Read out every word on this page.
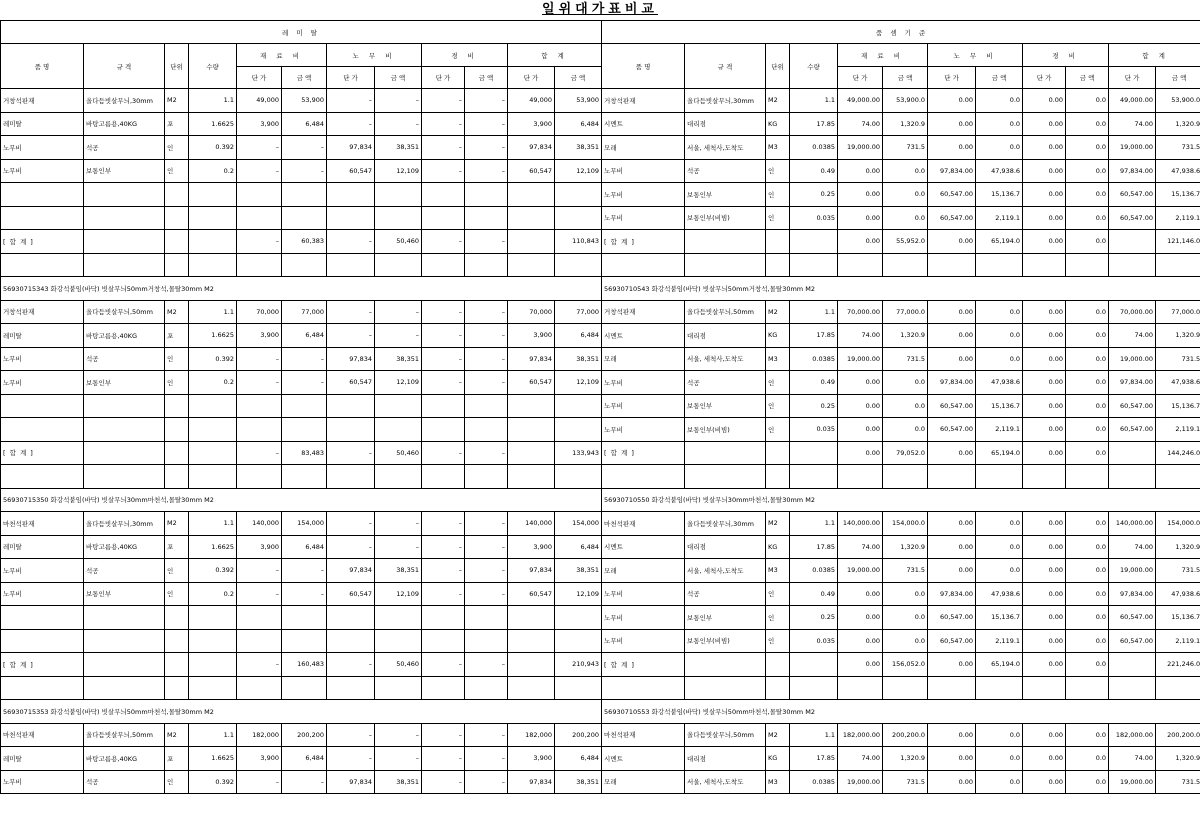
일위대가표비교
레 미 탈												품 셈 기 준											
품 명	규 격	단위	수량	재 료 비		노 무 비		경 비		합 계		품 명	규 격	단위	수량	재 료 비		노 무 비		경 비		합 계	
				단 가	금 액	단 가	금 액	단 가	금 액	단 가	금 액					단 가	금 액	단 가	금 액	단 가	금 액	단 가	금 액
거창석판재	올다듬빗살무늬,30mm	M2	1.1	49,000	53,900	–	–	–	–	49,000	53,900	거창석판재	올다듬빗살무늬,30mm	M2	1.1	49,000.00	53,900.0	0.00	0.0	0.00	0.0	49,000.00	53,900.0
레미탈	바탕고름용,40KG	포	1.6625	3,900	6,484	–	–	–	–	3,900	6,484	시멘트	대리점	KG	17.85	74.00	1,320.9	0.00	0.0	0.00	0.0	74.00	1,320.9
노무비	석공	인	0.392	–	–	97,834	38,351	–	–	97,834	38,351	모래	서울, 세척사,도착도	M3	0.0385	19,000.00	731.5	0.00	0.0	0.00	0.0	19,000.00	731.5
노무비	보통인부	인	0.2	–	–	60,547	12,109	–	–	60,547	12,109	노무비	석공	인	0.49	0.00	0.0	97,834.00	47,938.6	0.00	0.0	97,834.00	47,938.6
												노무비	보통인부	인	0.25	0.00	0.0	60,547.00	15,136.7	0.00	0.0	60,547.00	15,136.7
												노무비	보통인부(비빔)	인	0.035	0.00	0.0	60,547.00	2,119.1	0.00	0.0	60,547.00	2,119.1
[ 합 계 ]				–	60,383	–	50,460	–	–		110,843	[ 합 계 ]				0.00	55,952.0	0.00	65,194.0	0.00	0.0		121,146.0

56930715343 화강석붙임(바닥) 빗살무늬50mm거창석,몰탈30mm M2												56930710543 화강석붙임(바닥) 빗살무늬50mm거창석,몰탈30mm M2											
거창석판재	올다듬빗살무늬,50mm	M2	1.1	70,000	77,000	–	–	–	–	70,000	77,000	거창석판재	올다듬빗살무늬,50mm	M2	1.1	70,000.00	77,000.0	0.00	0.0	0.00	0.0	70,000.00	77,000.0
레미탈	바탕고름용,40KG	포	1.6625	3,900	6,484	–	–	–	–	3,900	6,484	시멘트	대리점	KG	17.85	74.00	1,320.9	0.00	0.0	0.00	0.0	74.00	1,320.9
노무비	석공	인	0.392	–	–	97,834	38,351	–	–	97,834	38,351	모래	서울, 세척사,도착도	M3	0.0385	19,000.00	731.5	0.00	0.0	0.00	0.0	19,000.00	731.5
노무비	보통인부	인	0.2	–	–	60,547	12,109	–	–	60,547	12,109	노무비	석공	인	0.49	0.00	0.0	97,834.00	47,938.6	0.00	0.0	97,834.00	47,938.6
												노무비	보통인부	인	0.25	0.00	0.0	60,547.00	15,136.7	0.00	0.0	60,547.00	15,136.7
												노무비	보통인부(비빔)	인	0.035	0.00	0.0	60,547.00	2,119.1	0.00	0.0	60,547.00	2,119.1
[ 합 계 ]				–	83,483	–	50,460	–	–		133,943	[ 합 계 ]				0.00	79,052.0	0.00	65,194.0	0.00	0.0		144,246.0

56930715350 화강석붙임(바닥) 빗살무늬30mm마천석,몰탈30mm M2												56930710550 화강석붙임(바닥) 빗살무늬30mm마천석,몰탈30mm M2											
마천석판재	올다듬빗살무늬,30mm	M2	1.1	140,000	154,000	–	–	–	–	140,000	154,000	마천석판재	올다듬빗살무늬,30mm	M2	1.1	140,000.00	154,000.0	0.00	0.0	0.00	0.0	140,000.00	154,000.0
레미탈	바탕고름용,40KG	포	1.6625	3,900	6,484	–	–	–	–	3,900	6,484	시멘트	대리점	KG	17.85	74.00	1,320.9	0.00	0.0	0.00	0.0	74.00	1,320.9
노무비	석공	인	0.392	–	–	97,834	38,351	–	–	97,834	38,351	모래	서울, 세척사,도착도	M3	0.0385	19,000.00	731.5	0.00	0.0	0.00	0.0	19,000.00	731.5
노무비	보통인부	인	0.2	–	–	60,547	12,109	–	–	60,547	12,109	노무비	석공	인	0.49	0.00	0.0	97,834.00	47,938.6	0.00	0.0	97,834.00	47,938.6
												노무비	보통인부	인	0.25	0.00	0.0	60,547.00	15,136.7	0.00	0.0	60,547.00	15,136.7
												노무비	보통인부(비빔)	인	0.035	0.00	0.0	60,547.00	2,119.1	0.00	0.0	60,547.00	2,119.1
[ 합 계 ]				–	160,483	–	50,460	–	–		210,943	[ 합 계 ]				0.00	156,052.0	0.00	65,194.0	0.00	0.0		221,246.0

56930715353 화강석붙임(바닥) 빗살무늬50mm마천석,몰탈30mm M2												56930710553 화강석붙임(바닥) 빗살무늬50mm마천석,몰탈30mm M2											
마천석판재	올다듬빗살무늬,50mm	M2	1.1	182,000	200,200	–	–	–	–	182,000	200,200	마천석판재	올다듬빗살무늬,50mm	M2	1.1	182,000.00	200,200.0	0.00	0.0	0.00	0.0	182,000.00	200,200.0
레미탈	바탕고름용,40KG	포	1.6625	3,900	6,484	–	–	–	–	3,900	6,484	시멘트	대리점	KG	17.85	74.00	1,320.9	0.00	0.0	0.00	0.0	74.00	1,320.9
노무비	석공	인	0.392	–	–	97,834	38,351	–	–	97,834	38,351	모래	서울, 세척사,도착도	M3	0.0385	19,000.00	731.5	0.00	0.0	0.00	0.0	19,000.00	731.5
